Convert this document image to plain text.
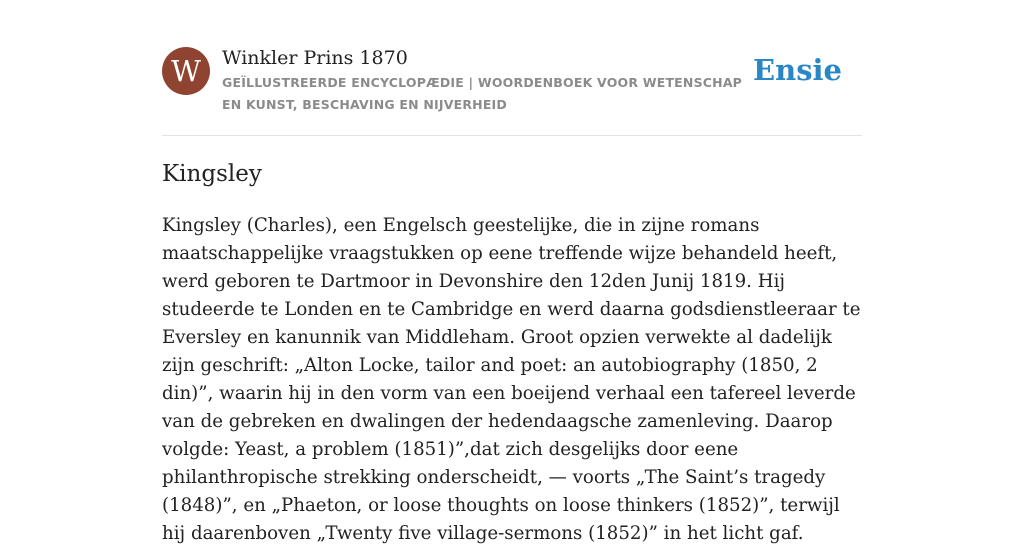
W	Winkler Prins 1870
GEÏLLUSTREERDE ENCYCLOPÆDIE | WOORDENBOEK VOOR WETENSCHAP EN KUNST, BESCHAVING EN NIJVERHEID
Ensie
Kingsley

Kingsley (Charles), een Engelsch geestelijke, die in zijne romans maatschappelijke vraagstukken op eene treffende wijze behandeld heeft, werd geboren te Dartmoor in Devonshire den 12den Junij 1819. Hij studeerde te Londen en te Cambridge en werd daarna godsdienstleeraar te Eversley en kanunnik van Middleham. Groot opzien verwekte al dadelijk zijn geschrift: „Alton Locke, tailor and poet: an autobiography (1850, 2 din)”, waarin hij in den vorm van een boeijend verhaal een tafereel leverde van de gebreken en dwalingen der hedendaagsche zamenleving. Daarop volgde: Yeast, a problem (1851)”,dat zich desgelijks door eene philanthropische strekking onderscheidt, — voorts „The Saint’s tragedy (1848)”, en „Phaeton, or loose thoughts on loose thinkers (1852)”, terwijl hij daarenboven „Twenty five village-sermons (1852)” in het licht gaf.
